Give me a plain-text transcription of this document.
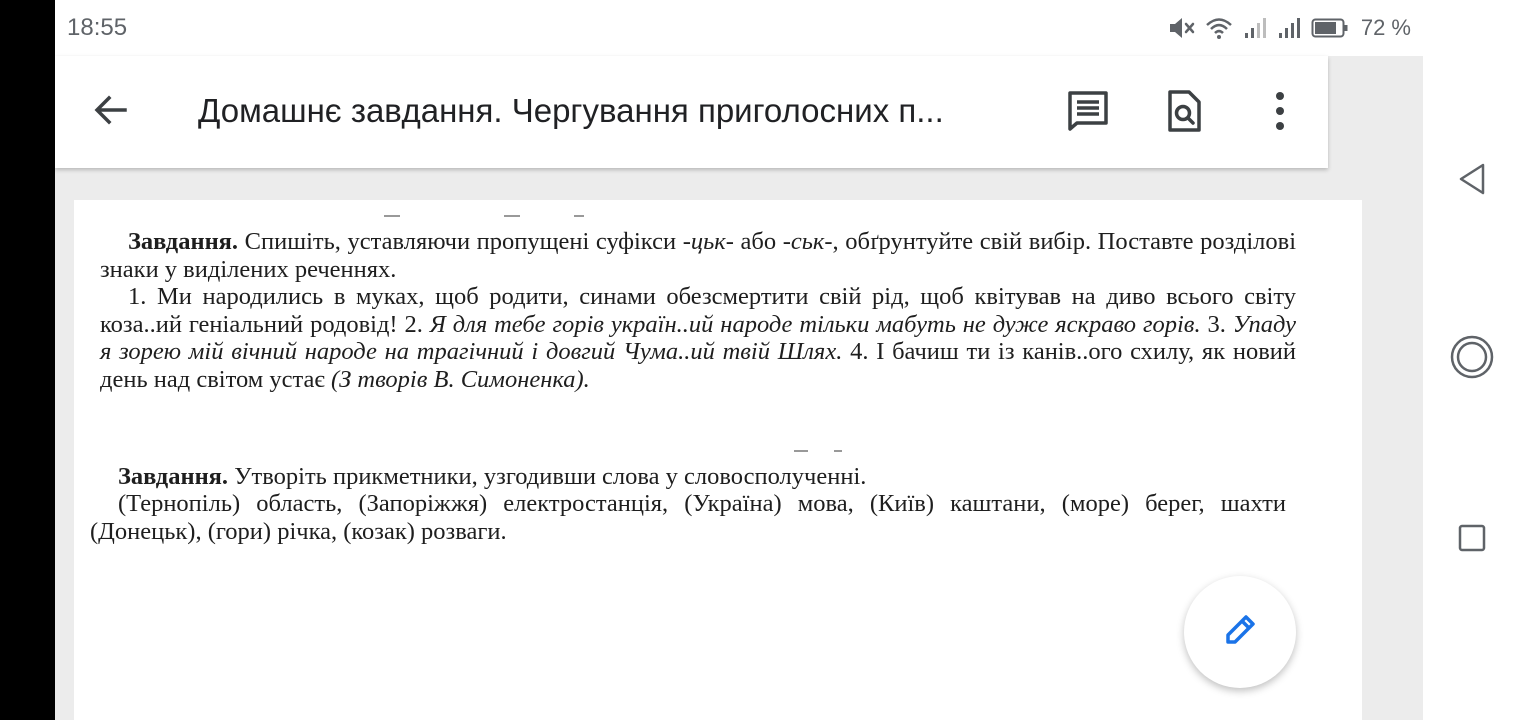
18:55	72 %
Домашнє завдання. Чергування приголосних п...

Завдання. Спишіть, уставляючи пропущені суфікси -цьк- або -ськ-, обґрунтуйте свій вибір. Поставте розділові знаки у виділених реченнях.

1. Ми народились в муках, щоб родити, синами обезсмертити свій рід, щоб квітував на диво всього світу коза..ий геніальний родовід! 2. Я для тебе горів україн..ий народе тільки мабуть не дуже яскраво горів. 3. Упаду я зорею мій вічний народе на трагічний і довгий Чума..ий твій Шлях. 4. І бачиш ти із канів..ого схилу, як новий день над світом устає (З творів В. Симоненка).

Завдання. Утворіть прикметники, узгодивши слова у словосполученні.

(Тернопіль) область, (Запоріжжя) електростанція, (Україна) мова, (Київ) каштани, (море) берег, шахти (Донецьк), (гори) річка, (козак) розваги.
